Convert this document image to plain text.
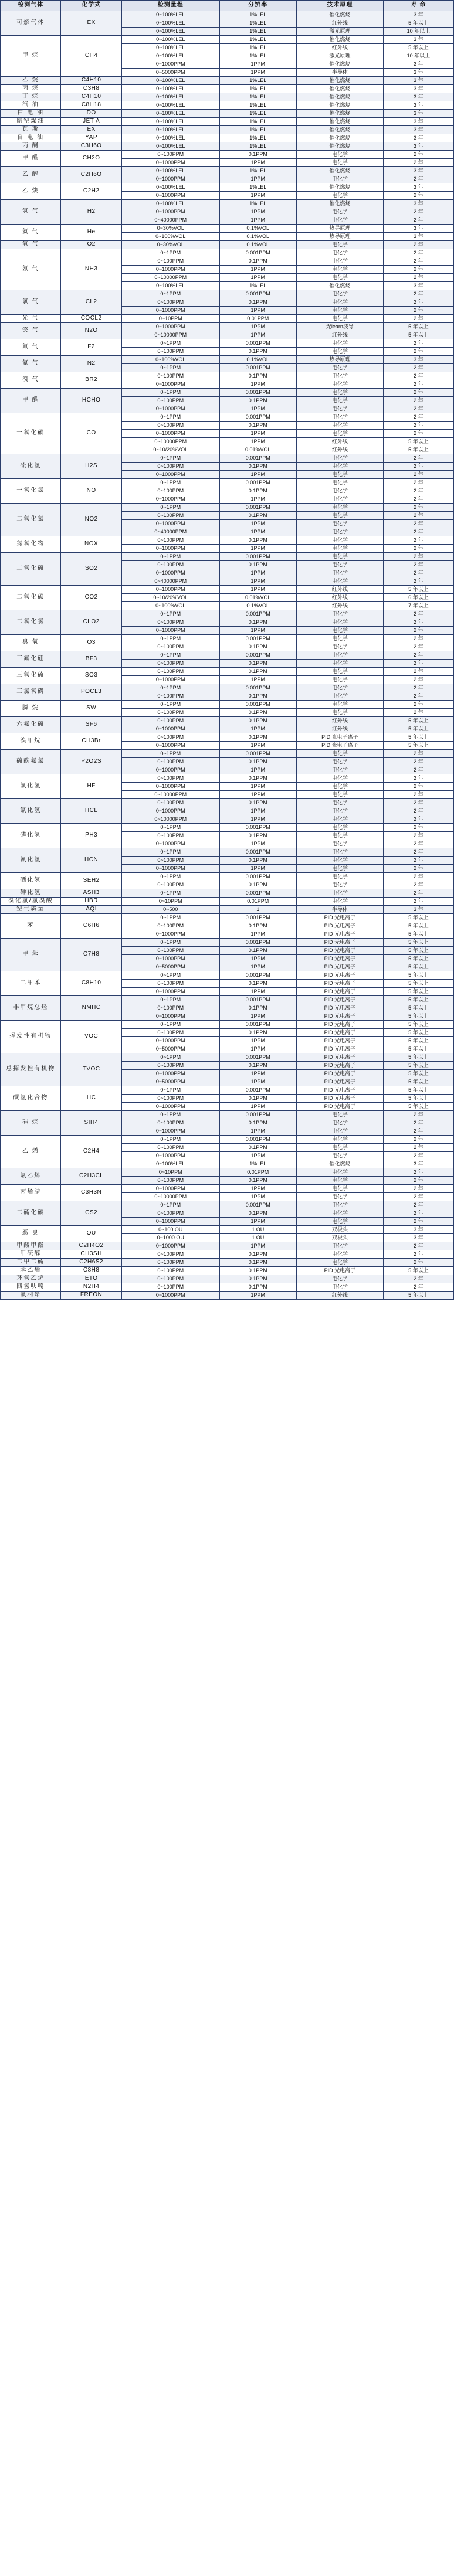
检测气体	化学式	检测量程	分辨率	技术原理	寿 命
可燃气体	EX	0~100%LEL	1%LEL	催化燃烧	3 年
		0~100%LEL	1%LEL	红外线	5 年以上
		0~100%LEL	1%LEL	激光原理	10 年以上
甲 烷	CH4	0~100%LEL	1%LEL	催化燃烧	3 年
		0~100%LEL	1%LEL	红外线	5 年以上
		0~100%LEL	1%LEL	激光原理	10 年以上
		0~1000PPM	1PPM	催化燃烧	3 年
		0~5000PPM	1PPM	半导体	3 年
乙 烷	C4H10	0~100%LEL	1%LEL	催化燃烧	3 年
丙 烷	C3H8	0~100%LEL	1%LEL	催化燃烧	3 年
丁 烷	C4H10	0~100%LEL	1%LEL	催化燃烧	3 年
汽 油	C8H18	0~100%LEL	1%LEL	催化燃烧	3 年
白 电 油	DO	0~100%LEL	1%LEL	催化燃烧	3 年
航空煤油	JET A	0~100%LEL	1%LEL	催化燃烧	3 年
瓦 斯	EX	0~100%LEL	1%LEL	催化燃烧	3 年
自 电 油	YAP	0~100%LEL	1%LEL	催化燃烧	3 年
丙 酮	C3H6O	0~100%LEL	1%LEL	催化燃烧	3 年
甲 醛	CH2O	0~100PPM	0.1PPM	电化学	2 年
		0~1000PPM	1PPM	电化学	2 年
乙 醇	C2H6O	0~100%LEL	1%LEL	催化燃烧	3 年
		0~1000PPM	1PPM	电化学	2 年
乙 炔	C2H2	0~100%LEL	1%LEL	催化燃烧	3 年
		0~1000PPM	1PPM	电化学	2 年
氢 气	H2	0~100%LEL	1%LEL	催化燃烧	3 年
		0~1000PPM	1PPM	电化学	2 年
		0~40000PPM	1PPM	电化学	2 年
氦 气	He	0~30%VOL	0.1%VOL	热导原理	3 年
		0~100%VOL	0.1%VOL	热导原理	3 年
氧 气	O2	0~30%VOL	0.1%VOL	电化学	2 年
氨 气	NH3	0~1PPM	0.001PPM	电化学	2 年
		0~100PPM	0.1PPM	电化学	2 年
		0~1000PPM	1PPM	电化学	2 年
		0~10000PPM	1PPM	电化学	2 年
		0~100%LEL	1%LEL	催化燃烧	3 年
氯 气	CL2	0~1PPM	0.001PPM	电化学	2 年
		0~100PPM	0.1PPM	电化学	2 年
		0~1000PPM	1PPM	电化学	2 年
光 气	COCL2	0~10PPM	0.01PPM	电化学	2 年
笑 气	N2O	0~1000PPM	1PPM	光learn波导	5 年以上
		0~10000PPM	1PPM	红外线	5 年以上
氟 气	F2	0~1PPM	0.001PPM	电化学	2 年
		0~100PPM	0.1PPM	电化学	2 年
氮 气	N2	0~100%VOL	0.1%VOL	热导原理	3 年
		0~1PPM	0.001PPM	电化学	2 年
溴 气	BR2	0~100PPM	0.1PPM	电化学	2 年
		0~1000PPM	1PPM	电化学	2 年
甲 醛	HCHO	0~1PPM	0.001PPM	电化学	2 年
		0~100PPM	0.1PPM	电化学	2 年
		0~1000PPM	1PPM	电化学	2 年
一氧化碳	CO	0~1PPM	0.001PPM	电化学	2 年
		0~100PPM	0.1PPM	电化学	2 年
		0~1000PPM	1PPM	电化学	2 年
		0~10000PPM	1PPM	红外线	5 年以上
		0~10/20%VOL	0.01%VOL	红外线	5 年以上
硫化氢	H2S	0~1PPM	0.001PPM	电化学	2 年
		0~100PPM	0.1PPM	电化学	2 年
		0~1000PPM	1PPM	电化学	2 年
一氧化氮	NO	0~1PPM	0.001PPM	电化学	2 年
		0~100PPM	0.1PPM	电化学	2 年
		0~1000PPM	1PPM	电化学	2 年
二氧化氮	NO2	0~1PPM	0.001PPM	电化学	2 年
		0~100PPM	0.1PPM	电化学	2 年
		0~1000PPM	1PPM	电化学	2 年
		0~40000PPM	1PPM	电化学	2 年
氮氧化物	NOX	0~100PPM	0.1PPM	电化学	2 年
		0~1000PPM	1PPM	电化学	2 年
二氧化硫	SO2	0~1PPM	0.001PPM	电化学	2 年
		0~100PPM	0.1PPM	电化学	2 年
		0~1000PPM	1PPM	电化学	2 年
		0~40000PPM	1PPM	电化学	2 年
二氧化碳	CO2	0~1000PPM	1PPM	红外线	5 年以上
		0~10/20%VOL	0.01%VOL	红外线	6 年以上
		0~100%VOL	0.1%VOL	红外线	7 年以上
二氧化氯	CLO2	0~1PPM	0.001PPM	电化学	2 年
		0~100PPM	0.1PPM	电化学	2 年
		0~1000PPM	1PPM	电化学	2 年
臭 氧	O3	0~1PPM	0.001PPM	电化学	2 年
		0~100PPM	0.1PPM	电化学	2 年
三氟化硼	BF3	0~1PPM	0.001PPM	电化学	2 年
		0~100PPM	0.1PPM	电化学	2 年
三氧化硫	SO3	0~100PPM	0.1PPM	电化学	2 年
		0~1000PPM	1PPM	电化学	2 年
三氯氧磷	POCL3	0~1PPM	0.001PPM	电化学	2 年
		0~100PPM	0.1PPM	电化学	2 年
膦 烷	SW	0~1PPM	0.001PPM	电化学	2 年
		0~100PPM	0.1PPM	电化学	2 年
六氟化硫	SF6	0~100PPM	0.1PPM	红外线	5 年以上
		0~1000PPM	1PPM	红外线	5 年以上
溴甲烷	CH3Br	0~100PPM	0.1PPM	PID 光电子离子	5 年以上
		0~1000PPM	1PPM	PID 光电子离子	5 年以上
硫酰氟氯	P2O2S	0~1PPM	0.001PPM	电化学	2 年
		0~100PPM	0.1PPM	电化学	2 年
		0~1000PPM	1PPM	电化学	2 年
氟化氢	HF	0~100PPM	0.1PPM	电化学	2 年
		0~1000PPM	1PPM	电化学	2 年
		0~10000PPM	1PPM	电化学	2 年
氯化氢	HCL	0~100PPM	0.1PPM	电化学	2 年
		0~1000PPM	1PPM	电化学	2 年
		0~10000PPM	1PPM	电化学	2 年
磷化氢	PH3	0~1PPM	0.001PPM	电化学	2 年
		0~100PPM	0.1PPM	电化学	2 年
		0~1000PPM	1PPM	电化学	2 年
氰化氢	HCN	0~1PPM	0.001PPM	电化学	2 年
		0~100PPM	0.1PPM	电化学	2 年
		0~1000PPM	1PPM	电化学	2 年
硒化氢	SEH2	0~1PPM	0.001PPM	电化学	2 年
		0~100PPM	0.1PPM	电化学	2 年
砷化氢	ASH3	0~1PPM	0.001PPM	电化学	2 年
溴化氢/氢溴酸	HBR	0~10PPM	0.01PPM	电化学	2 年
空气质量	AQI	0~500	1	半导体	3 年
苯	C6H6	0~1PPM	0.001PPM	PID 光电离子	5 年以上
		0~100PPM	0.1PPM	PID 光电离子	5 年以上
		0~1000PPM	1PPM	PID 光电离子	5 年以上
甲 苯	C7H8	0~1PPM	0.001PPM	PID 光电离子	5 年以上
		0~100PPM	0.1PPM	PID 光电离子	5 年以上
		0~1000PPM	1PPM	PID 光电离子	5 年以上
		0~5000PPM	1PPM	PID 光电离子	5 年以上
二甲苯	C8H10	0~1PPM	0.001PPM	PID 光电离子	5 年以上
		0~100PPM	0.1PPM	PID 光电离子	5 年以上
		0~1000PPM	1PPM	PID 光电离子	5 年以上
非甲烷总烃	NMHC	0~1PPM	0.001PPM	PID 光电离子	5 年以上
		0~100PPM	0.1PPM	PID 光电离子	5 年以上
		0~1000PPM	1PPM	PID 光电离子	5 年以上
挥发性有机物	VOC	0~1PPM	0.001PPM	PID 光电离子	5 年以上
		0~100PPM	0.1PPM	PID 光电离子	5 年以上
		0~1000PPM	1PPM	PID 光电离子	5 年以上
		0~5000PPM	1PPM	PID 光电离子	5 年以上
总挥发性有机物	TVOC	0~1PPM	0.001PPM	PID 光电离子	5 年以上
		0~100PPM	0.1PPM	PID 光电离子	5 年以上
		0~1000PPM	1PPM	PID 光电离子	5 年以上
		0~5000PPM	1PPM	PID 光电离子	5 年以上
碳氢化合物	HC	0~1PPM	0.001PPM	PID 光电离子	5 年以上
		0~100PPM	0.1PPM	PID 光电离子	5 年以上
		0~1000PPM	1PPM	PID 光电离子	5 年以上
硅 烷	SIH4	0~1PPM	0.001PPM	电化学	2 年
		0~100PPM	0.1PPM	电化学	2 年
		0~1000PPM	1PPM	电化学	2 年
乙 烯	C2H4	0~1PPM	0.001PPM	电化学	2 年
		0~100PPM	0.1PPM	电化学	2 年
		0~1000PPM	1PPM	电化学	2 年
		0~100%LEL	1%LEL	催化燃烧	3 年
氯乙烯	C2H3CL	0~10PPM	0.01PPM	电化学	2 年
		0~100PPM	0.1PPM	电化学	2 年
丙烯腈	C3H3N	0~1000PPM	1PPM	电化学	2 年
		0~10000PPM	1PPM	电化学	2 年
二硫化碳	CS2	0~1PPM	0.001PPM	电化学	2 年
		0~100PPM	0.1PPM	电化学	2 年
		0~1000PPM	1PPM	电化学	2 年
恶 臭	OU	0~100 OU	1 OU	双极头	3 年
		0~1000 OU	1 OU	双极头	3 年
甲酸甲酯	C2H4O2	0~1000PPM	1PPM	电化学	2 年
甲硫醇	CH3SH	0~100PPM	0.1PPM	电化学	2 年
二甲二硫	C2H6S2	0~100PPM	0.1PPM	电化学	2 年
苯乙烯	C8H8	0~100PPM	0.1PPM	PID 光电离子	5 年以上
环氧乙烷	ETO	0~100PPM	0.1PPM	电化学	2 年
四氢呋喃	N2H4	0~100PPM	0.1PPM	电化学	2 年
氟利昂	FREON	0~1000PPM	1PPM	红外线	5 年以上
